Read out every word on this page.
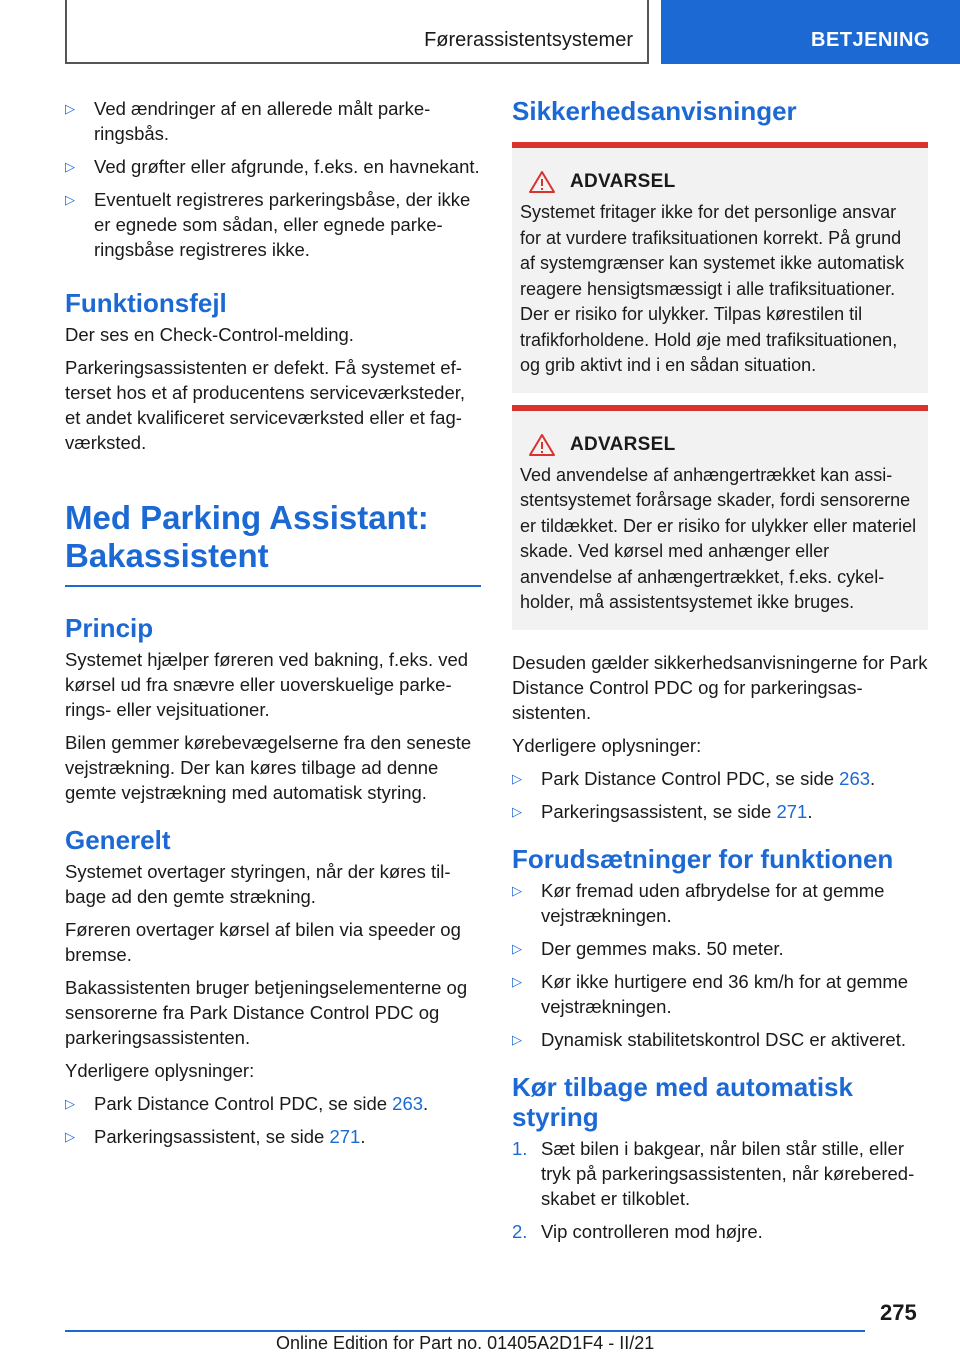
Førerassistentsystemer	BETJENING
▷ Ved ændringer af en allerede målt parkeringsbås.
▷ Ved grøfter eller afgrunde, f.eks. en havnekant.
▷ Eventuelt registreres parkeringsbåse, der ikke er egnede som sådan, eller egnede parkeringsbåse registreres ikke.
Funktionsfejl

Der ses en Check-Control-melding.

Parkeringsassistenten er defekt. Få systemet efterset hos et af producentens serviceværksteder, et andet kvalificeret serviceværksted eller et fagværksted.

Med Parking Assistant: Bakassistent
Princip

Systemet hjælper føreren ved bakning, f.eks. ved kørsel ud fra snævre eller uoverskuelige parkerings- eller vejsituationer.

Bilen gemmer kørebevægelserne fra den seneste vejstrækning. Der kan køres tilbage ad denne gemte vejstrækning med automatisk styring.

Generelt

Systemet overtager styringen, når der køres tilbage ad den gemte strækning.

Føreren overtager kørsel af bilen via speeder og bremse.

Bakassistenten bruger betjeningselementerne og sensorerne fra Park Distance Control PDC og parkeringsassistenten.

Yderligere oplysninger:

▷ Park Distance Control PDC, se side 263.
▷ Parkeringsassistent, se side 271.
Sikkerhedsanvisninger
ADVARSEL

Systemet fritager ikke for det personlige ansvar for at vurdere trafiksituationen korrekt. På grund af systemgrænser kan systemet ikke automatisk reagere hensigtsmæssigt i alle trafiksituationer. Der er risiko for ulykker. Tilpas kørestilen til trafikforholdene. Hold øje med trafiksituationen, og grib aktivt ind i en sådan situation.

ADVARSEL

Ved anvendelse af anhængertrækket kan assistentsystemet forårsage skader, fordi sensorerne er tildækket. Der er risiko for ulykker eller materiel skade. Ved kørsel med anhænger eller anvendelse af anhængertrækket, f.eks. cykelholder, må assistentsystemet ikke bruges.

Desuden gælder sikkerhedsanvisningerne for Park Distance Control PDC og for parkeringsassistenten.

Yderligere oplysninger:

▷ Park Distance Control PDC, se side 263.
▷ Parkeringsassistent, se side 271.
Forudsætninger for funktionen
▷ Kør fremad uden afbrydelse for at gemme vejstrækningen.
▷ Der gemmes maks. 50 meter.
▷ Kør ikke hurtigere end 36 km/h for at gemme vejstrækningen.
▷ Dynamisk stabilitetskontrol DSC er aktiveret.
Kør tilbage med automatisk styring
1. Sæt bilen i bakgear, når bilen står stille, eller tryk på parkeringsassistenten, når køreberedskabet er tilkoblet.
2. Vip controlleren mod højre.
275
Online Edition for Part no. 01405A2D1F4 - II/21
